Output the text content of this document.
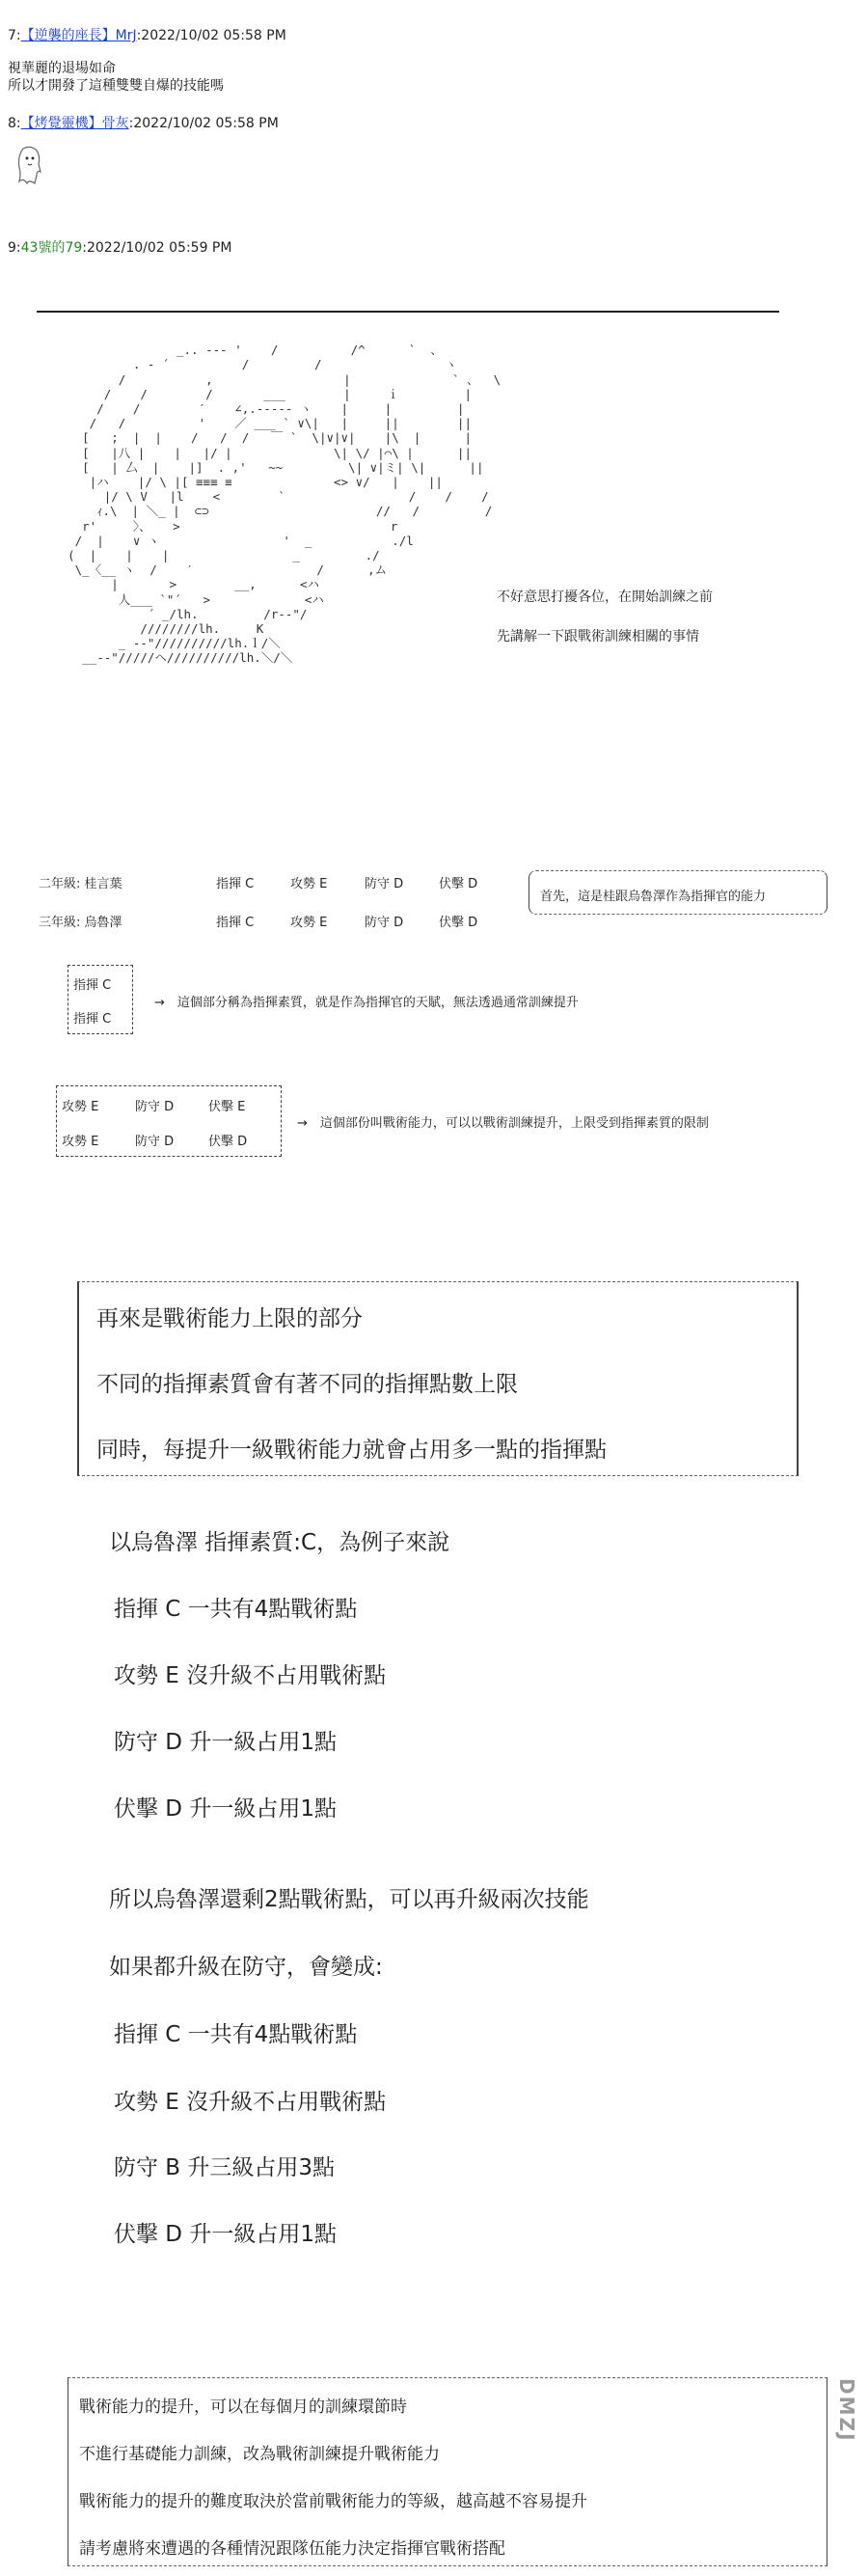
7:【逆襲的座長】MrJ:2022/10/02 05:58 PM
視華麗的退場如命
所以才開發了這種雙雙自爆的技能嗎
8:【烤覺靈機】骨灰:2022/10/02 05:58 PM
9:43號的79:2022/10/02 05:59 PM

_.. -‐- '    /          /^      `  、
. ‐ ´          /         /                 ヽ
/           ,                  |              ` 、  \
/    /        /       ___        |     ｉ         |
/    /        ′    ∠,.-‐--- ヽ    |     |         |
/   /          '    ／ ___ ` ∨\|   |     ||        ||
[   ;  |  |    /   /  /   ￣ `  \|∨|∨|    |\  |      |
[   |八 |    |   |/ |              \| \/ |⌒\ |      ||
[   | 厶  |    |]  . ,'   ~~         \| ∨|ミ| \|      ||
|ハ    |/ \ |[ ≡≡≡ ≡              <> ∨/   |    ||
|/ \ V   |l    <        `                 /    /    /
ｨ.\  | ＼_ |  ⊂⊃                       //   /         /
r'     〉、   >                             r
/  |    ∨ ヽ                 '  _           ./l
(  |    |    |                 _         ./
\_〈__ ヽ  /    ′                 /      ,ム
|       >        __,      <ハ
人___ `"´   >             <ハ
´ _/lh.         /r--"/
////////lh.     K
_ -‐"//////////lh.ｌ/＼
__-‐"/////ヘ//////////lh.＼/＼

不好意思打擾各位，在開始訓練之前
先講解一下跟戰術訓練相關的事情
二年級: 桂言葉	指揮 C	攻勢 E	防守 D	伏擊 D
三年級: 烏魯澤	指揮 C	攻勢 E	防守 D	伏擊 D
首先，這是桂跟烏魯澤作為指揮官的能力
指揮 C
指揮 C
→　這個部分稱為指揮素質，就是作為指揮官的天賦，無法透過通常訓練提升
攻勢 E	防守 D	伏擊 E
攻勢 E	防守 D	伏擊 D
→　這個部份叫戰術能力，可以以戰術訓練提升，上限受到指揮素質的限制
再來是戰術能力上限的部分
不同的指揮素質會有著不同的指揮點數上限
同時，每提升一級戰術能力就會占用多一點的指揮點
以烏魯澤 指揮素質:C，為例子來說
指揮 C 一共有4點戰術點
攻勢 E 沒升級不占用戰術點
防守 D 升一級占用1點
伏擊 D 升一級占用1點
所以烏魯澤還剩2點戰術點，可以再升級兩次技能
如果都升級在防守，會變成:
指揮 C 一共有4點戰術點
攻勢 E 沒升級不占用戰術點
防守 B 升三級占用3點
伏擊 D 升一級占用1點
戰術能力的提升，可以在每個月的訓練環節時
不進行基礎能力訓練，改為戰術訓練提升戰術能力
戰術能力的提升的難度取決於當前戰術能力的等級，越高越不容易提升
請考慮將來遭遇的各種情況跟隊伍能力決定指揮官戰術搭配
DMZJ
